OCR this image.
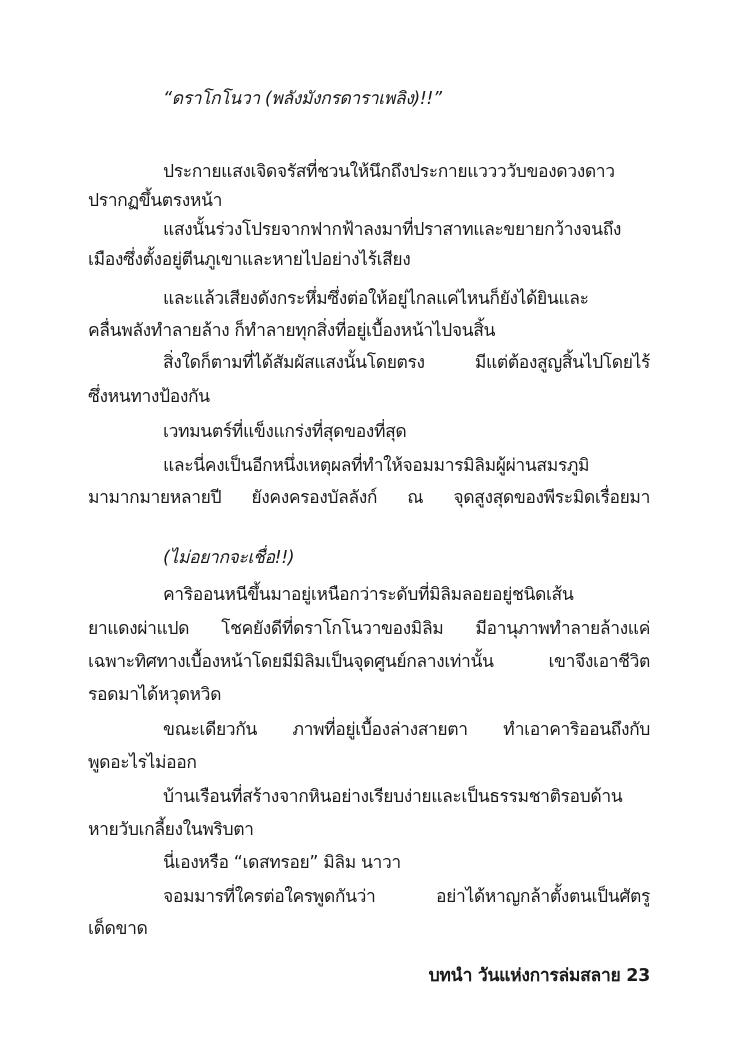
“ดราโกโนวา (พลังมังกรดาราเพลิง)!!”
ประกายแสงเจิดจรัสที่ชวนให้นึกถึงประกายแววววับของดวงดาว
ปรากฏขึ้นตรงหน้า
แสงนั้นร่วงโปรยจากฟากฟ้าลงมาที่ปราสาทและขยายกว้างจนถึง
เมืองซึ่งตั้งอยู่ตีนภูเขาและหายไปอย่างไร้เสียง
และแล้วเสียงดังกระหึ่มซึ่งต่อให้อยู่ไกลแค่ไหนก็ยังได้ยินและ
คลื่นพลังทำลายล้าง ก็ทำลายทุกสิ่งที่อยู่เบื้องหน้าไปจนสิ้น
สิ่งใดก็ตามที่ได้สัมผัสแสงนั้นโดยตรง มีแต่ต้องสูญสิ้นไปโดยไร้
ซึ่งหนทางป้องกัน
เวทมนตร์ที่แข็งแกร่งที่สุดของที่สุด
และนี่คงเป็นอีกหนึ่งเหตุผลที่ทำให้จอมมารมิลิมผู้ผ่านสมรภูมิ
มามากมายหลายปี ยังคงครองบัลลังก์ ณ จุดสูงสุดของพีระมิดเรื่อยมา
(ไม่อยากจะเชื่อ!!)
คาริออนหนีขึ้นมาอยู่เหนือกว่าระดับที่มิลิมลอยอยู่ชนิดเส้น
ยาแดงผ่าแปด โชคยังดีที่ดราโกโนวาของมิลิม มีอานุภาพทำลายล้างแค่
เฉพาะทิศทางเบื้องหน้าโดยมีมิลิมเป็นจุดศูนย์กลางเท่านั้น เขาจึงเอาชีวิต
รอดมาได้หวุดหวิด
ขณะเดียวกัน ภาพที่อยู่เบื้องล่างสายตา ทำเอาคาริออนถึงกับ
พูดอะไรไม่ออก
บ้านเรือนที่สร้างจากหินอย่างเรียบง่ายและเป็นธรรมชาติรอบด้าน
หายวับเกลี้ยงในพริบตา
นี่เองหรือ “เดสทรอย” มิลิม นาวา
จอมมารที่ใครต่อใครพูดกันว่า อย่าได้หาญกล้าตั้งตนเป็นศัตรู
เด็ดขาด
บทนำ วันแห่งการล่มสลาย 23
